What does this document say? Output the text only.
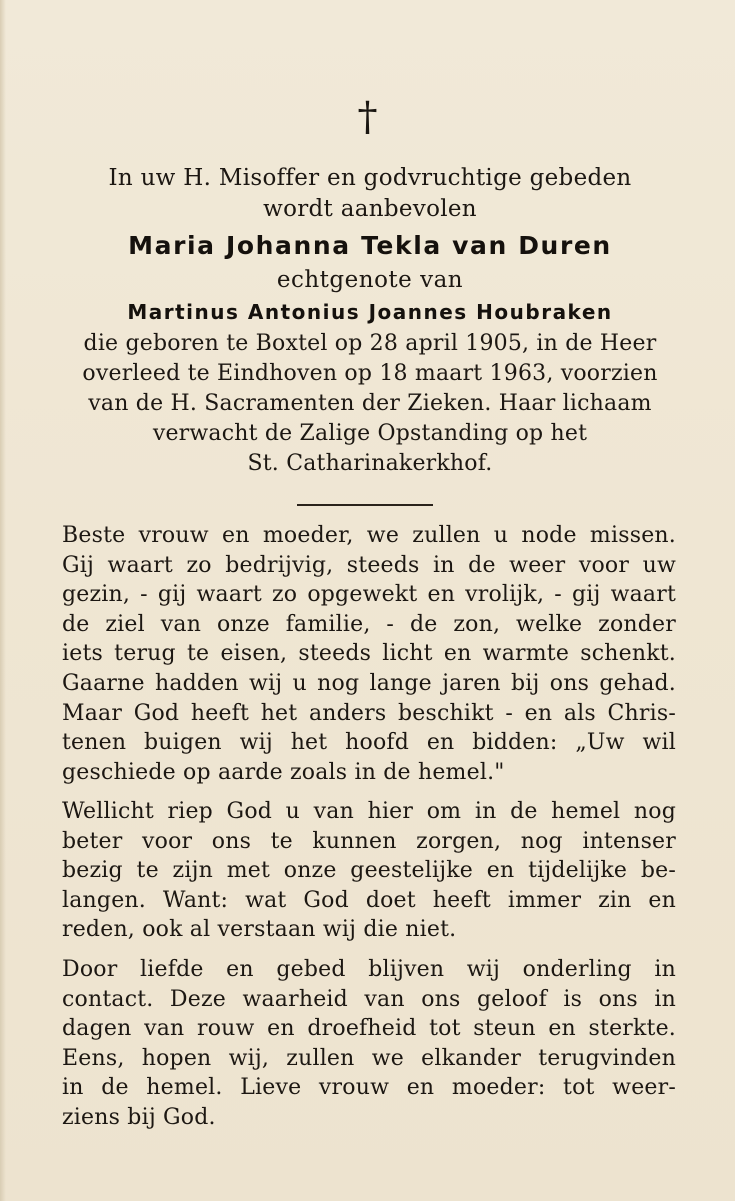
†
In uw H. Misoffer en godvruchtige gebeden
wordt aanbevolen
Maria Johanna Tekla van Duren
echtgenote van
Martinus Antonius Joannes Houbraken
die geboren te Boxtel op 28 april 1905, in de Heer
overleed te Eindhoven op 18 maart 1963, voorzien
van de H. Sacramenten der Zieken. Haar lichaam
verwacht de Zalige Opstanding op het
St. Catharinakerkhof.
Beste vrouw en moeder, we zullen u node missen.
Gij waart zo bedrijvig, steeds in de weer voor uw
gezin, - gij waart zo opgewekt en vrolijk, - gij waart
de ziel van onze familie, - de zon, welke zonder
iets terug te eisen, steeds licht en warmte schenkt.
Gaarne hadden wij u nog lange jaren bij ons gehad.
Maar God heeft het anders beschikt - en als Chris-
tenen buigen wij het hoofd en bidden: „Uw wil
geschiede op aarde zoals in de hemel."
Wellicht riep God u van hier om in de hemel nog
beter voor ons te kunnen zorgen, nog intenser
bezig te zijn met onze geestelijke en tijdelijke be-
langen. Want: wat God doet heeft immer zin en
reden, ook al verstaan wij die niet.
Door liefde en gebed blijven wij onderling in
contact. Deze waarheid van ons geloof is ons in
dagen van rouw en droefheid tot steun en sterkte.
Eens, hopen wij, zullen we elkander terugvinden
in de hemel. Lieve vrouw en moeder: tot weer-
ziens bij God.
